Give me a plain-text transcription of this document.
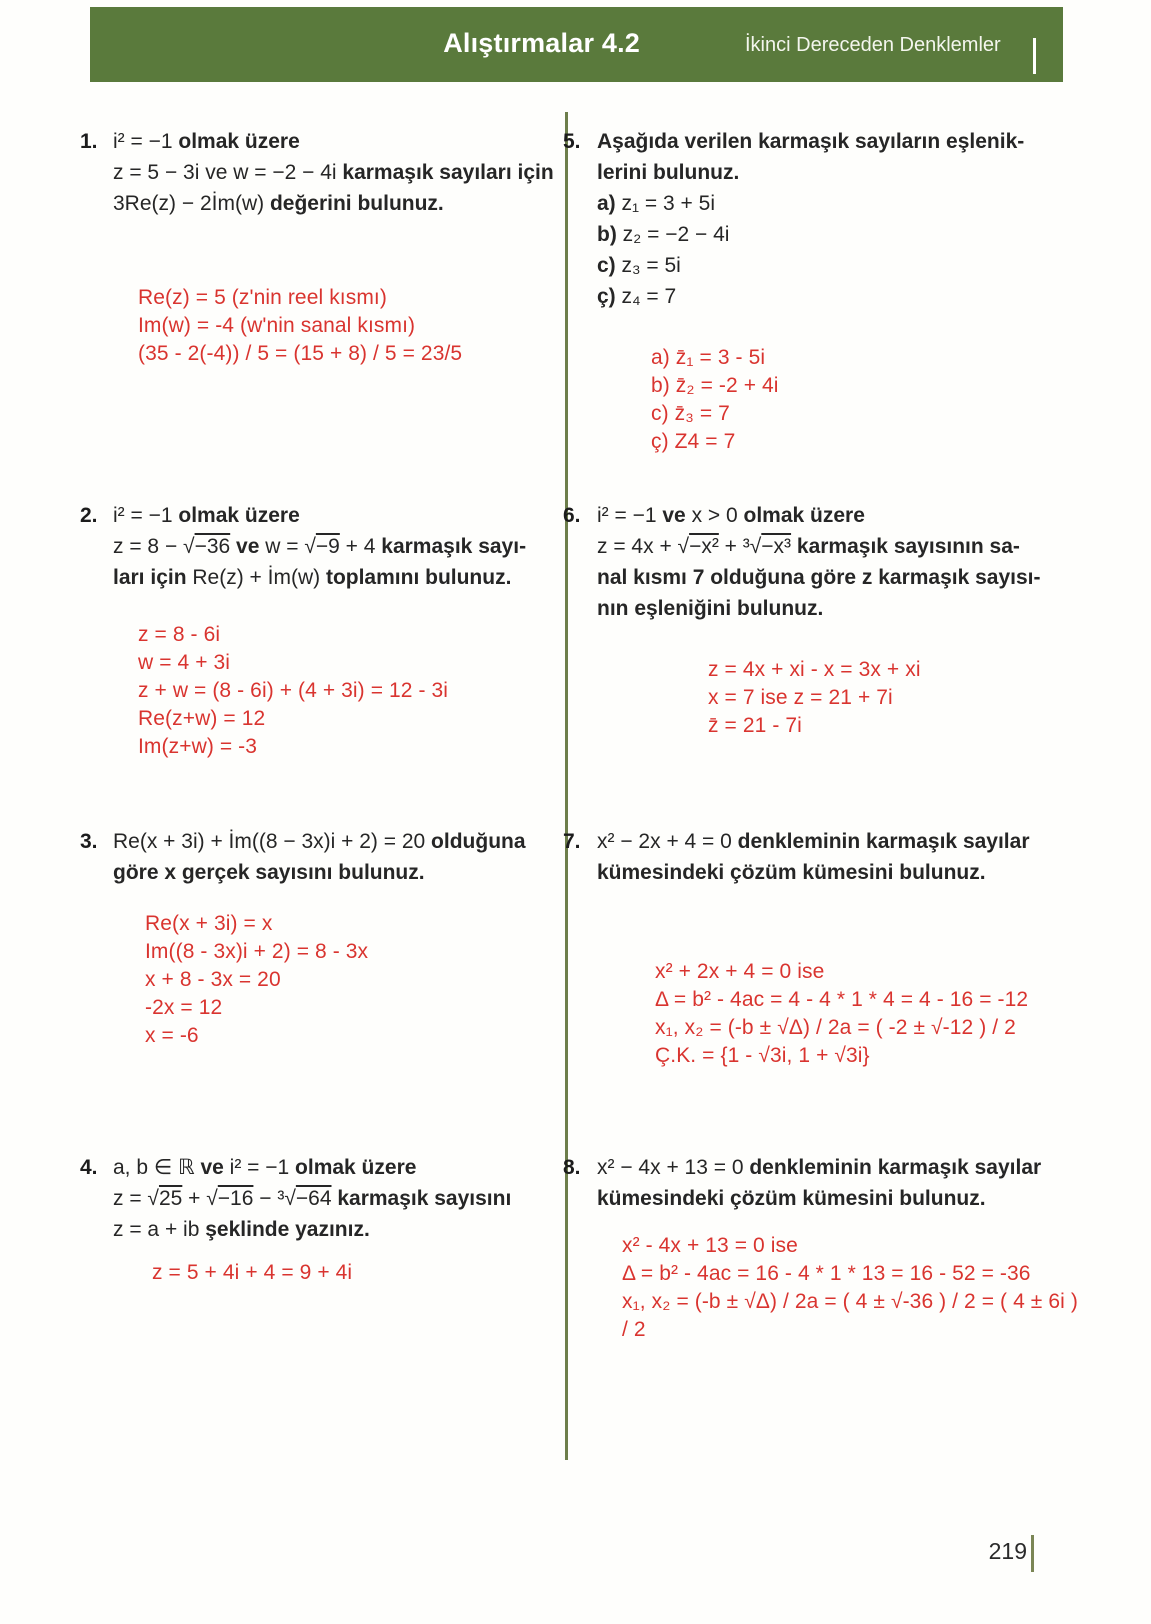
Alıştırmalar 4.2	İkinci Dereceden Denklemler
1. i² = −1 olmak üzere
z = 5 − 3i ve w = −2 − 4i karmaşık sayıları için
3Re(z) − 2İm(w) değerini bulunuz.
Re(z) = 5 (z'nin reel kısmı)
Im(w) = -4 (w'nin sanal kısmı)
(35 - 2(-4)) / 5 = (15 + 8) / 5 = 23/5
2. i² = −1 olmak üzere
z = 8 − √−36 ve w = √−9 + 4 karmaşık sayı-
ları için Re(z) + İm(w) toplamını bulunuz.
z = 8 - 6i
w = 4 + 3i
z + w = (8 - 6i) + (4 + 3i) = 12 - 3i
Re(z+w) = 12
Im(z+w) = -3
3. Re(x + 3i) + İm((8 − 3x)i + 2) = 20 olduğuna
göre x gerçek sayısını bulunuz.
Re(x + 3i) = x
Im((8 - 3x)i + 2) = 8 - 3x
x + 8 - 3x = 20
-2x = 12
x = -6
4. a, b ∈ ℝ ve i² = −1 olmak üzere
z = √25 + √−16 − ³√−64 karmaşık sayısını
z = a + ib şeklinde yazınız.
z = 5 + 4i + 4 = 9 + 4i
5. Aşağıda verilen karmaşık sayıların eşlenik-
lerini bulunuz.
a) z₁ = 3 + 5i
b) z₂ = −2 − 4i
c) z₃ = 5i
ç) z₄ = 7
a) z̄₁ = 3 - 5i
b) z̄₂ = -2 + 4i
c) z̄₃ = 7
ç) Z4 = 7
6. i² = −1 ve x > 0 olmak üzere
z = 4x + √−x² + ³√−x³ karmaşık sayısının sa-
nal kısmı 7 olduğuna göre z karmaşık sayısı-
nın eşleniğini bulunuz.
z = 4x + xi - x = 3x + xi
x = 7 ise z = 21 + 7i
z̄ = 21 - 7i
7. x² − 2x + 4 = 0 denkleminin karmaşık sayılar
kümesindeki çözüm kümesini bulunuz.
x² + 2x + 4 = 0 ise
Δ = b² - 4ac = 4 - 4 * 1 * 4 = 4 - 16 = -12
x₁, x₂ = (-b ± √Δ) / 2a = ( -2 ± √-12 ) / 2
Ç.K. = {1 - √3i, 1 + √3i}
8. x² − 4x + 13 = 0 denkleminin karmaşık sayılar
kümesindeki çözüm kümesini bulunuz.
x² - 4x + 13 = 0 ise
Δ = b² - 4ac = 16 - 4 * 1 * 13 = 16 - 52 = -36
x₁, x₂ = (-b ± √Δ) / 2a = ( 4 ± √-36 ) / 2 = ( 4 ± 6i )
/ 2
219
